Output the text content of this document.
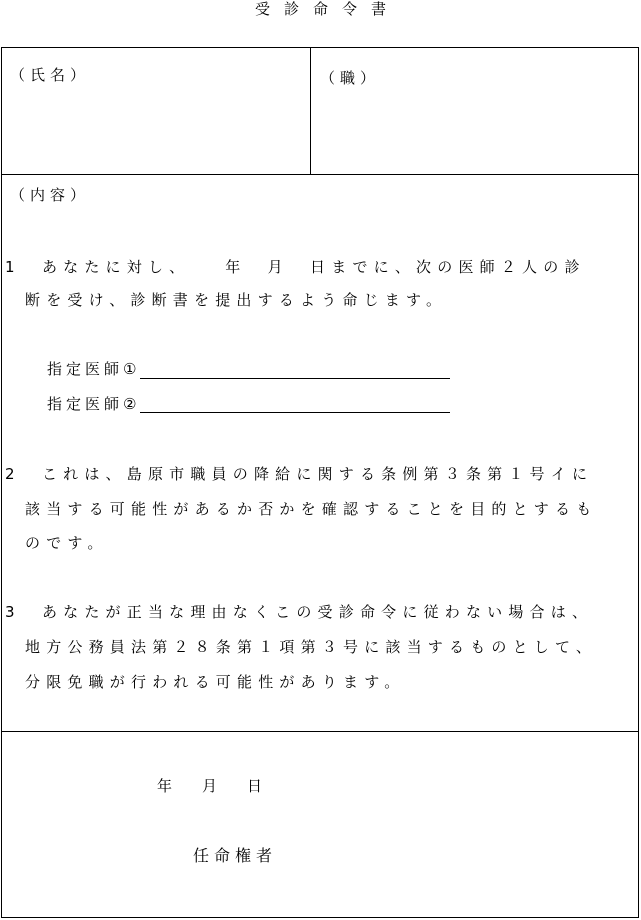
受診命令書
（氏名）	（職）
（内容）
1　あなたに対し、　　年　月　日までに、次の医師２人の診
断を受け、診断書を提出するよう命じます。
指定医師①
指定医師②
2　これは、島原市職員の降給に関する条例第３条第１号イに
該当する可能性があるか否かを確認することを目的とするも
のです。
3　あなたが正当な理由なくこの受診命令に従わない場合は、
地方公務員法第２８条第１項第３号に該当するものとして、
分限免職が行われる可能性があります。
年　　月　　日
任命権者
